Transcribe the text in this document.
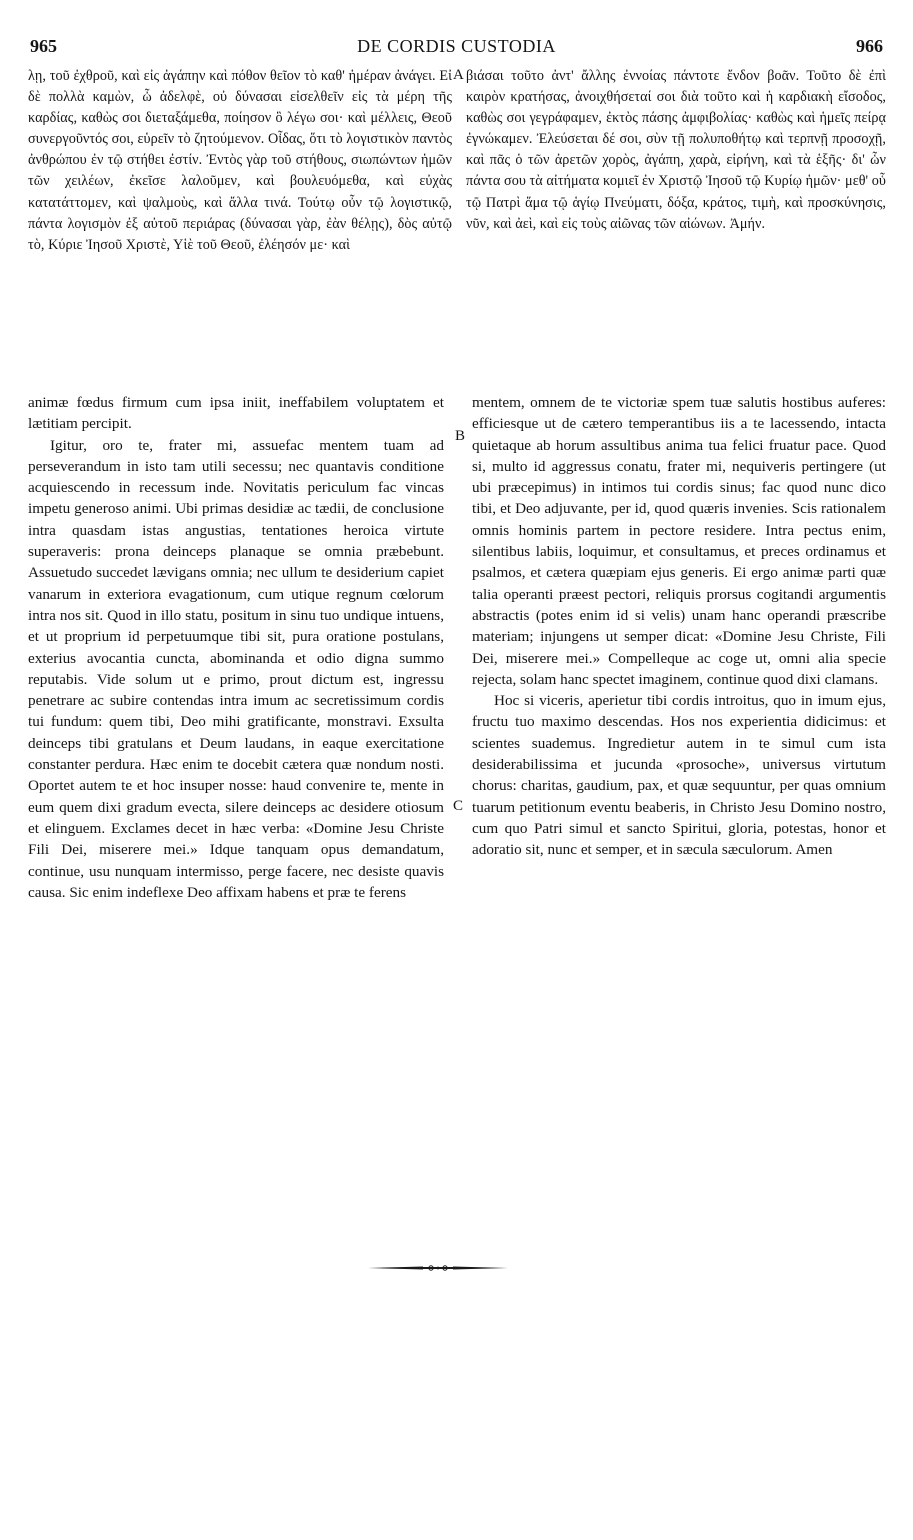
965	DE CORDIS CUSTODIA	966

λῃ, τοῦ ἐχθροῦ, καὶ εἰς ἀγάπην καὶ πόθον θεῖον τὸ καθ' ἡμέραν ἀνάγει. Εἰ δὲ πολλὰ καμὼν, ὦ ἀδελφὲ, οὐ δύνασαι εἰσελθεῖν εἰς τὰ μέρη τῆς καρδίας, καθὼς σοι διεταξάμεθα, ποίησον ὃ λέγω σοι· καὶ μέλλεις, Θεοῦ συνεργοῦντός σοι, εὑρεῖν τὸ ζητούμενον. Οἶδας, ὅτι τὸ λογιστικὸν παντὸς ἀνθρώπου ἐν τῷ στήθει ἐστίν. Ἐντὸς γὰρ τοῦ στήθους, σιωπώντων ἡμῶν τῶν χειλέων, ἐκεῖσε λαλοῦμεν, καὶ βουλευόμεθα, καὶ εὐχὰς κατατάττομεν, καὶ ψαλμοὺς, καὶ ἄλλα τινά. Τούτῳ οὖν τῷ λογιστικῷ, πάντα λογισμὸν ἐξ αὐτοῦ περιάρας (δύνασαι γὰρ, ἐὰν θέλῃς), δὸς αὐτῷ τὸ, Κύριε Ἰησοῦ Χριστὲ, Υἱὲ τοῦ Θεοῦ, ἐλέησόν με· καὶ

A βιάσαι τοῦτο ἀντ' ἄλλης ἐννοίας πάντοτε ἔνδον βοᾶν. Τοῦτο δὲ ἐπὶ καιρὸν κρατήσας, ἀνοιχθήσεταί σοι διὰ τοῦτο καὶ ἡ καρδιακὴ εἴσοδος, καθὼς σοι γεγράφαμεν, ἐκτὸς πάσης ἀμφιβολίας· καθὼς καὶ ἡμεῖς πείρᾳ ἐγνώκαμεν. Ἐλεύσεται δέ σοι, σὺν τῇ πολυποθήτῳ καὶ τερπνῇ προσοχῇ, καὶ πᾶς ὁ τῶν ἀρετῶν χορὸς, ἀγάπη, χαρὰ, εἰρήνη, καὶ τὰ ἑξῆς· δι' ὧν πάντα σου τὰ αἰτήματα κομιεῖ ἐν Χριστῷ Ἰησοῦ τῷ Κυρίῳ ἡμῶν· μεθ' οὗ τῷ Πατρὶ ἅμα τῷ ἁγίῳ Πνεύματι, δόξα, κράτος, τιμὴ, καὶ προσκύνησις, νῦν, καὶ ἀεὶ, καὶ εἰς τοὺς αἰῶνας τῶν αἰώνων. Ἀμήν.

animæ fœdus firmum cum ipsa iniit, ineffabilem voluptatem et lætitiam percipit.

Igitur, oro te, frater mi, assuefac mentem tuam ad perseverandum in isto tam utili secessu; nec quantavis conditione acquiescendo in recessum inde. Novitatis periculum fac vincas impetu generoso animi. Ubi primas desidiæ ac tædii, de conclusione intra quasdam istas angustias, tentationes heroica virtute superaveris: prona deinceps planaque se omnia præbebunt. Assuetudo succedet lævigans omnia; nec ullum te desiderium capiet vanarum in exteriora evagationum, cum utique regnum cœlorum intra nos sit. Quod in illo statu, positum in sinu tuo undique intuens, et ut proprium id perpetuumque tibi sit, pura oratione postulans, exterius avocantia cuncta, abominanda et odio digna summo reputabis. Vide solum ut e primo, prout dictum est, ingressu penetrare ac subire contendas intra imum ac secretissimum cordis tui fundum: quem tibi, Deo mihi gratificante, monstravi. Exsulta deinceps tibi gratulans et Deum laudans, in eaque exercitatione constanter perdura. Hæc enim te docebit cætera quæ nondum nosti. Oportet autem te et hoc insuper nosse: haud convenire te, mente in eum quem dixi gradum evecta, silere deinceps ac desidere otiosum et elinguem. Exclames decet in hæc verba: «Domine Jesu Christe Fili Dei, miserere mei.» Idque tanquam opus demandatum, continue, usu nunquam intermisso, perge facere, nec desiste quavis causa. Sic enim indeflexe Deo affixam habens et præ te ferens

B
C

mentem, omnem de te victoriæ spem tuæ salutis hostibus auferes: efficiesque ut de cætero temperantibus iis a te lacessendo, intacta quietaque ab horum assultibus anima tua felici fruatur pace. Quod si, multo id aggressus conatu, frater mi, nequiveris pertingere (ut ubi præcepimus) in intimos tui cordis sinus; fac quod nunc dico tibi, et Deo adjuvante, per id, quod quæris invenies. Scis rationalem omnis hominis partem in pectore residere. Intra pectus enim, silentibus labiis, loquimur, et consultamus, et preces ordinamus et psalmos, et cætera quæpiam ejus generis. Ei ergo animæ parti quæ talia operanti præest pectori, reliquis prorsus cogitandi argumentis abstractis (potes enim id si velis) unam hanc operandi præscribe materiam; injungens ut semper dicat: «Domine Jesu Christe, Fili Dei, miserere mei.» Compelleque ac coge ut, omni alia specie rejecta, solam hanc spectet imaginem, continue quod dixi clamans.

Hoc si viceris, aperietur tibi cordis introitus, quo in imum ejus, fructu tuo maximo descendas. Hos nos experientia didicimus: et scientes suademus. Ingredietur autem in te simul cum ista desiderabilissima et jucunda «prosoche», universus virtutum chorus: charitas, gaudium, pax, et quæ sequuntur, per quas omnium tuarum petitionum eventu beaberis, in Christo Jesu Domino nostro, cum quo Patri simul et sancto Spiritui, gloria, potestas, honor et adoratio sit, nunc et semper, et in sæcula sæculorum. Amen
